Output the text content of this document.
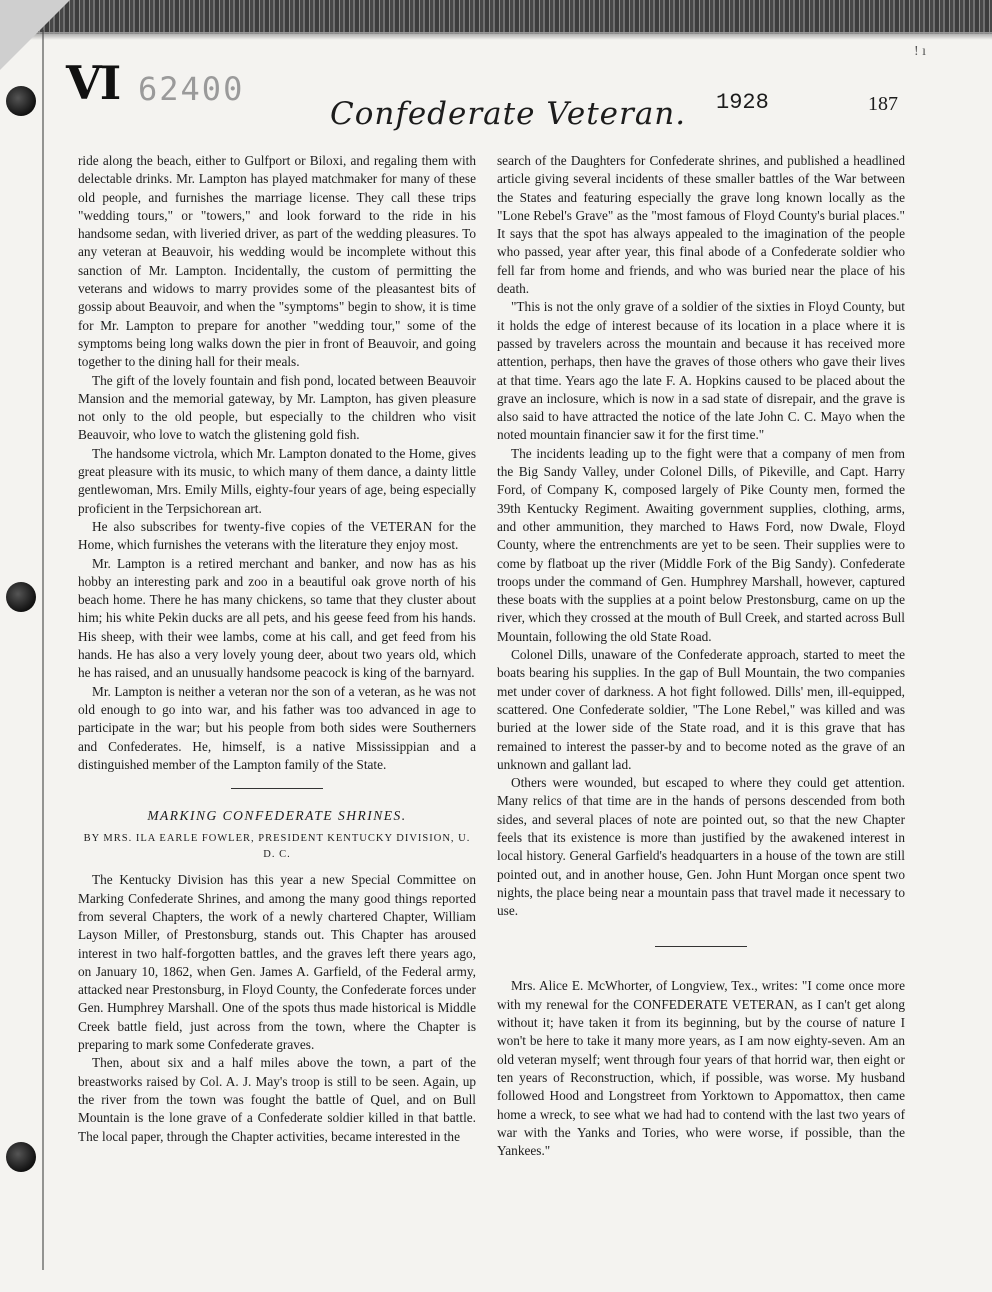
VI 62400
Confederate Veteran. 1928	187
! ı

ride along the beach, either to Gulfport or Biloxi, and regaling them with delectable drinks. Mr. Lampton has played matchmaker for many of these old people, and furnishes the marriage license. They call these trips "wedding tours," or "towers," and look forward to the ride in his handsome sedan, with liveried driver, as part of the wedding pleasures. To any veteran at Beauvoir, his wedding would be incomplete without this sanction of Mr. Lampton. Incidentally, the custom of permitting the veterans and widows to marry provides some of the pleasantest bits of gossip about Beauvoir, and when the "symptoms" begin to show, it is time for Mr. Lampton to prepare for another "wedding tour," some of the symptoms being long walks down the pier in front of Beauvoir, and going together to the dining hall for their meals.

The gift of the lovely fountain and fish pond, located between Beauvoir Mansion and the memorial gateway, by Mr. Lampton, has given pleasure not only to the old people, but especially to the children who visit Beauvoir, who love to watch the glistening gold fish.

The handsome victrola, which Mr. Lampton donated to the Home, gives great pleasure with its music, to which many of them dance, a dainty little gentlewoman, Mrs. Emily Mills, eighty-four years of age, being especially proficient in the Terpsichorean art.

He also subscribes for twenty-five copies of the VETERAN for the Home, which furnishes the veterans with the literature they enjoy most.

Mr. Lampton is a retired merchant and banker, and now has as his hobby an interesting park and zoo in a beautiful oak grove north of his beach home. There he has many chickens, so tame that they cluster about him; his white Pekin ducks are all pets, and his geese feed from his hands. His sheep, with their wee lambs, come at his call, and get feed from his hands. He has also a very lovely young deer, about two years old, which he has raised, and an unusually handsome peacock is king of the barnyard.

Mr. Lampton is neither a veteran nor the son of a veteran, as he was not old enough to go into war, and his father was too advanced in age to participate in the war; but his people from both sides were Southerners and Confederates. He, himself, is a native Mississippian and a distinguished member of the Lampton family of the State.

MARKING CONFEDERATE SHRINES.
BY MRS. ILA EARLE FOWLER, PRESIDENT KENTUCKY DIVISION, U. D. C.

The Kentucky Division has this year a new Special Committee on Marking Confederate Shrines, and among the many good things reported from several Chapters, the work of a newly chartered Chapter, William Layson Miller, of Prestonsburg, stands out. This Chapter has aroused interest in two half-forgotten battles, and the graves left there years ago, on January 10, 1862, when Gen. James A. Garfield, of the Federal army, attacked near Prestonsburg, in Floyd County, the Confederate forces under Gen. Humphrey Marshall. One of the spots thus made historical is Middle Creek battle field, just across from the town, where the Chapter is preparing to mark some Confederate graves.

Then, about six and a half miles above the town, a part of the breastworks raised by Col. A. J. May's troop is still to be seen. Again, up the river from the town was fought the battle of Quel, and on Bull Mountain is the lone grave of a Confederate soldier killed in that battle. The local paper, through the Chapter activities, became interested in the

search of the Daughters for Confederate shrines, and published a headlined article giving several incidents of these smaller battles of the War between the States and featuring especially the grave long known locally as the "Lone Rebel's Grave" as the "most famous of Floyd County's burial places." It says that the spot has always appealed to the imagination of the people who passed, year after year, this final abode of a Confederate soldier who fell far from home and friends, and who was buried near the place of his death.

"This is not the only grave of a soldier of the sixties in Floyd County, but it holds the edge of interest because of its location in a place where it is passed by travelers across the mountain and because it has received more attention, perhaps, then have the graves of those others who gave their lives at that time. Years ago the late F. A. Hopkins caused to be placed about the grave an inclosure, which is now in a sad state of disrepair, and the grave is also said to have attracted the notice of the late John C. C. Mayo when the noted mountain financier saw it for the first time."

The incidents leading up to the fight were that a company of men from the Big Sandy Valley, under Colonel Dills, of Pikeville, and Capt. Harry Ford, of Company K, composed largely of Pike County men, formed the 39th Kentucky Regiment. Awaiting government supplies, clothing, arms, and other ammunition, they marched to Haws Ford, now Dwale, Floyd County, where the entrenchments are yet to be seen. Their supplies were to come by flatboat up the river (Middle Fork of the Big Sandy). Confederate troops under the command of Gen. Humphrey Marshall, however, captured these boats with the supplies at a point below Prestonsburg, came on up the river, which they crossed at the mouth of Bull Creek, and started across Bull Mountain, following the old State Road.

Colonel Dills, unaware of the Confederate approach, started to meet the boats bearing his supplies. In the gap of Bull Mountain, the two companies met under cover of darkness. A hot fight followed. Dills' men, ill-equipped, scattered. One Confederate soldier, "The Lone Rebel," was killed and was buried at the lower side of the State road, and it is this grave that has remained to interest the passer-by and to become noted as the grave of an unknown and gallant lad.

Others were wounded, but escaped to where they could get attention. Many relics of that time are in the hands of persons descended from both sides, and several places of note are pointed out, so that the new Chapter feels that its existence is more than justified by the awakened interest in local history. General Garfield's headquarters in a house of the town are still pointed out, and in another house, Gen. John Hunt Morgan once spent two nights, the place being near a mountain pass that travel made it necessary to use.

Mrs. Alice E. McWhorter, of Longview, Tex., writes: "I come once more with my renewal for the CONFEDERATE VETERAN, as I can't get along without it; have taken it from its beginning, but by the course of nature I won't be here to take it many more years, as I am now eighty-seven. Am an old veteran myself; went through four years of that horrid war, then eight or ten years of Reconstruction, which, if possible, was worse. My husband followed Hood and Longstreet from Yorktown to Appomattox, then came home a wreck, to see what we had had to contend with the last two years of war with the Yanks and Tories, who were worse, if possible, than the Yankees."
